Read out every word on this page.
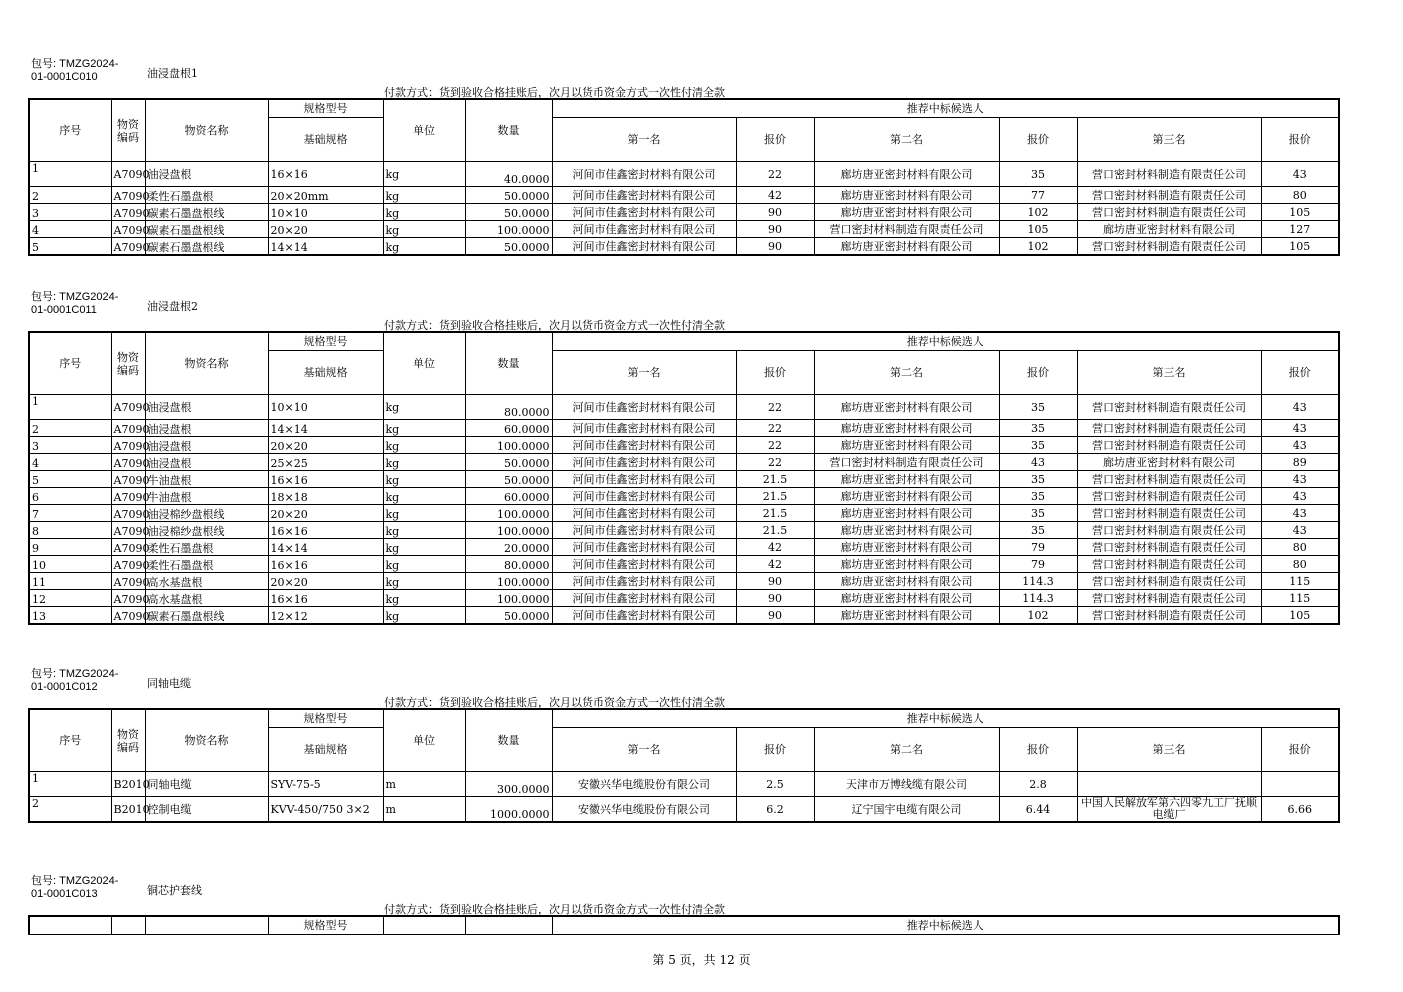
包号: TMZG2024-
01-0001C010	油浸盘根1
付款方式：货到验收合格挂账后，次月以货币资金方式一次性付清全款
序号	物资
编码	物资名称	规格型号	单位	数量	推荐中标候选人					
			基础规格			第一名	报价	第二名	报价	第三名	报价
1	A7090	油浸盘根	16×16	kg	40.0000	河间市佳鑫密封材料有限公司	22	廊坊唐亚密封材料有限公司	35	营口密封材料制造有限责任公司	43
2	A7090	柔性石墨盘根	20×20mm	kg	50.0000	河间市佳鑫密封材料有限公司	42	廊坊唐亚密封材料有限公司	77	营口密封材料制造有限责任公司	80
3	A7090	碳素石墨盘根线	10×10	kg	50.0000	河间市佳鑫密封材料有限公司	90	廊坊唐亚密封材料有限公司	102	营口密封材料制造有限责任公司	105
4	A7090	碳素石墨盘根线	20×20	kg	100.0000	河间市佳鑫密封材料有限公司	90	营口密封材料制造有限责任公司	105	廊坊唐亚密封材料有限公司	127
5	A7090	碳素石墨盘根线	14×14	kg	50.0000	河间市佳鑫密封材料有限公司	90	廊坊唐亚密封材料有限公司	102	营口密封材料制造有限责任公司	105
包号: TMZG2024-
01-0001C011	油浸盘根2
付款方式：货到验收合格挂账后，次月以货币资金方式一次性付清全款
序号	物资
编码	物资名称	规格型号	单位	数量	推荐中标候选人					
			基础规格			第一名	报价	第二名	报价	第三名	报价
1	A7090	油浸盘根	10×10	kg	80.0000	河间市佳鑫密封材料有限公司	22	廊坊唐亚密封材料有限公司	35	营口密封材料制造有限责任公司	43
2	A7090	油浸盘根	14×14	kg	60.0000	河间市佳鑫密封材料有限公司	22	廊坊唐亚密封材料有限公司	35	营口密封材料制造有限责任公司	43
3	A7090	油浸盘根	20×20	kg	100.0000	河间市佳鑫密封材料有限公司	22	廊坊唐亚密封材料有限公司	35	营口密封材料制造有限责任公司	43
4	A7090	油浸盘根	25×25	kg	50.0000	河间市佳鑫密封材料有限公司	22	营口密封材料制造有限责任公司	43	廊坊唐亚密封材料有限公司	89
5	A7090	牛油盘根	16×16	kg	50.0000	河间市佳鑫密封材料有限公司	21.5	廊坊唐亚密封材料有限公司	35	营口密封材料制造有限责任公司	43
6	A7090	牛油盘根	18×18	kg	60.0000	河间市佳鑫密封材料有限公司	21.5	廊坊唐亚密封材料有限公司	35	营口密封材料制造有限责任公司	43
7	A7090	油浸棉纱盘根线	20×20	kg	100.0000	河间市佳鑫密封材料有限公司	21.5	廊坊唐亚密封材料有限公司	35	营口密封材料制造有限责任公司	43
8	A7090	油浸棉纱盘根线	16×16	kg	100.0000	河间市佳鑫密封材料有限公司	21.5	廊坊唐亚密封材料有限公司	35	营口密封材料制造有限责任公司	43
9	A7090	柔性石墨盘根	14×14	kg	20.0000	河间市佳鑫密封材料有限公司	42	廊坊唐亚密封材料有限公司	79	营口密封材料制造有限责任公司	80
10	A7090	柔性石墨盘根	16×16	kg	80.0000	河间市佳鑫密封材料有限公司	42	廊坊唐亚密封材料有限公司	79	营口密封材料制造有限责任公司	80
11	A7090	高水基盘根	20×20	kg	100.0000	河间市佳鑫密封材料有限公司	90	廊坊唐亚密封材料有限公司	114.3	营口密封材料制造有限责任公司	115
12	A7090	高水基盘根	16×16	kg	100.0000	河间市佳鑫密封材料有限公司	90	廊坊唐亚密封材料有限公司	114.3	营口密封材料制造有限责任公司	115
13	A7090	碳素石墨盘根线	12×12	kg	50.0000	河间市佳鑫密封材料有限公司	90	廊坊唐亚密封材料有限公司	102	营口密封材料制造有限责任公司	105
包号: TMZG2024-
01-0001C012	同轴电缆
付款方式：货到验收合格挂账后，次月以货币资金方式一次性付清全款
序号	物资
编码	物资名称	规格型号	单位	数量	推荐中标候选人					
			基础规格			第一名	报价	第二名	报价	第三名	报价
1	B2010	同轴电缆	SYV-75-5	m	300.0000	安徽兴华电缆股份有限公司	2.5	天津市万博线缆有限公司	2.8		
2	B2010	控制电缆	KVV-450/750 3×2	m	1000.0000	安徽兴华电缆股份有限公司	6.2	辽宁国宇电缆有限公司	6.44	中国人民解放军第六四零九工厂抚顺电缆厂	6.66
包号: TMZG2024-
01-0001C013	铜芯护套线
付款方式：货到验收合格挂账后，次月以货币资金方式一次性付清全款
			规格型号			推荐中标候选人
第 5 页，共 12 页
